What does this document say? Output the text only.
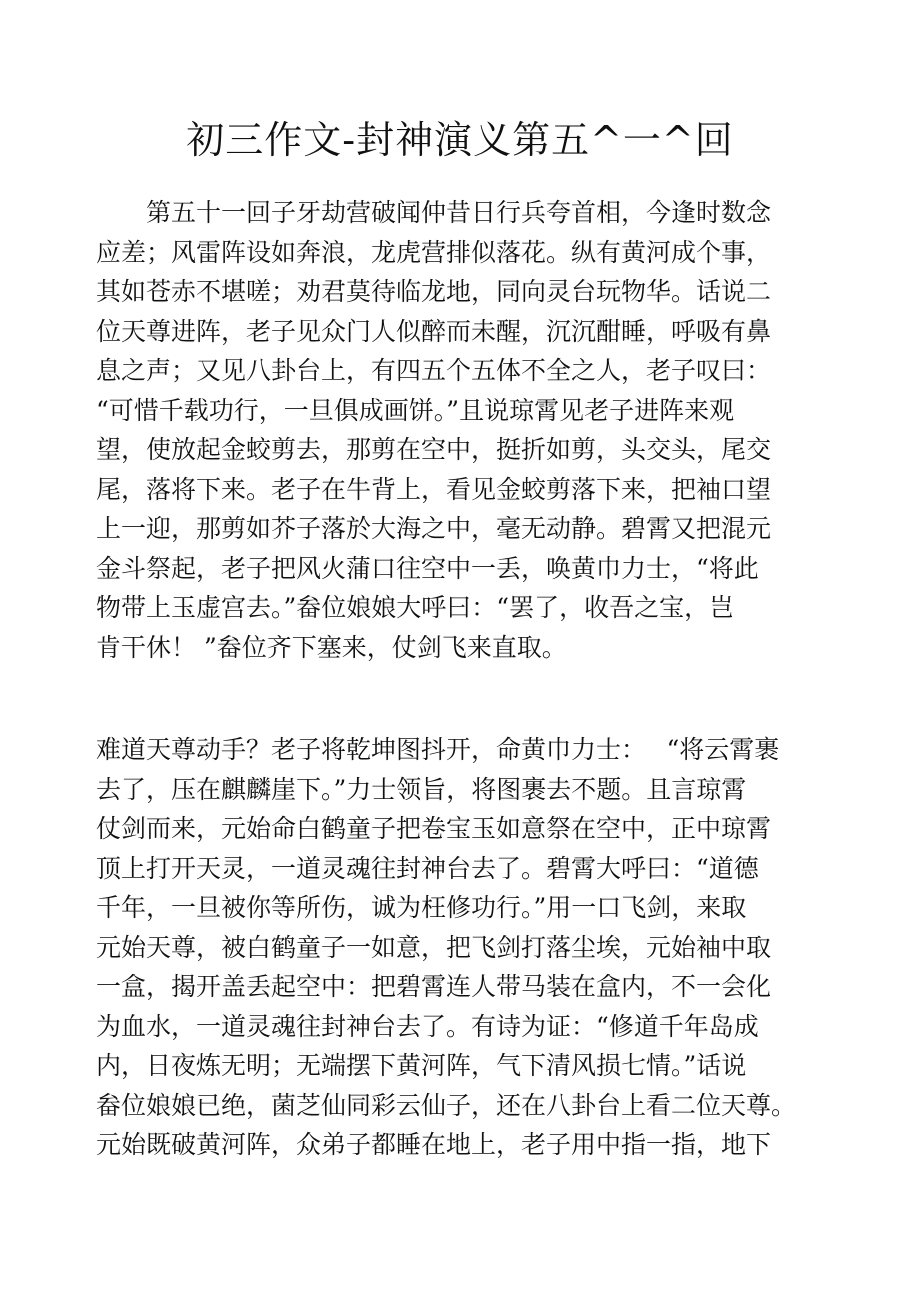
初三作文-封神演义第五^一^回
　　第五十一回子牙劫营破闻仲昔日行兵夸首相，今逢时数念
应差；风雷阵设如奔浪，龙虎营排似落花。纵有黄河成个事，
其如苍赤不堪嗟；劝君莫待临龙地，同向灵台玩物华。话说二
位天尊进阵，老子见众门人似醉而未醒，沉沉酣睡，呼吸有鼻
息之声；又见八卦台上，有四五个五体不全之人，老子叹曰：
“可惜千载功行，一旦俱成画饼。”且说琼霄见老子进阵来观
望，使放起金蛟剪去，那剪在空中，挺折如剪，头交头，尾交
尾，落将下来。老子在牛背上，看见金蛟剪落下来，把袖口望
上一迎，那剪如芥子落於大海之中，毫无动静。碧霄又把混元
金斗祭起，老子把风火蒲口往空中一丢，唤黄巾力士，“将此
物带上玉虚宫去。”畚位娘娘大呼曰：“罢了，收吾之宝，岂
肯干休！ ”畚位齐下塞来，仗剑飞来直取。
难道天尊动手？老子将乾坤图抖开，命黄巾力士：　 “将云霄裹
去了，压在麒麟崖下。”力士领旨，将图裹去不题。且言琼霄
仗剑而来，元始命白鹤童子把卷宝玉如意祭在空中，正中琼霄
顶上打开天灵，一道灵魂往封神台去了。碧霄大呼曰：“道德
千年，一旦被你等所伤，诚为枉修功行。”用一口飞剑，来取
元始天尊，被白鹤童子一如意，把飞剑打落尘埃，元始袖中取
一盒，揭开盖丢起空中：把碧霄连人带马装在盒内，不一会化
为血水，一道灵魂往封神台去了。有诗为证：“修道千年岛成
内，日夜炼无明；无端摆下黄河阵，气下清风损七情。”话说
畚位娘娘已绝，菌芝仙同彩云仙子，还在八卦台上看二位天尊。
元始既破黄河阵，众弟子都睡在地上，老子用中指一指，地下
